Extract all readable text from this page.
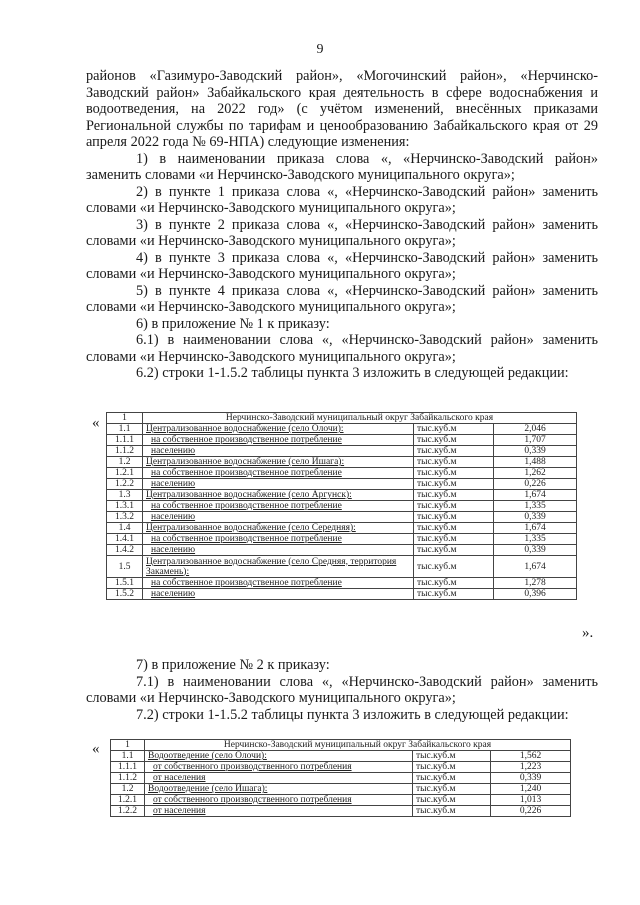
9

районов «Газимуро-Заводский район», «Могочинский район», «Нерчинско-Заводский район» Забайкальского края деятельность в сфере водоснабжения и водоотведения, на 2022 год» (с учётом изменений, внесённых приказами Региональной службы по тарифам и ценообразованию Забайкальского края от 29 апреля 2022 года № 69-НПА) следующие изменения:

1) в наименовании приказа слова «, «Нерчинско-Заводский район» заменить словами «и Нерчинско-Заводского муниципального округа»;

2) в пункте 1 приказа слова «, «Нерчинско-Заводский район» заменить словами «и Нерчинско-Заводского муниципального округа»;

3) в пункте 2 приказа слова «, «Нерчинско-Заводский район» заменить словами «и Нерчинско-Заводского муниципального округа»;

4) в пункте 3 приказа слова «, «Нерчинско-Заводский район» заменить словами «и Нерчинско-Заводского муниципального округа»;

5) в пункте 4 приказа слова «, «Нерчинско-Заводский район» заменить словами «и Нерчинско-Заводского муниципального округа»;

6) в приложение № 1 к приказу:

6.1) в наименовании слова «, «Нерчинско-Заводский район» заменить словами «и Нерчинско-Заводского муниципального округа»;

6.2) строки 1-1.5.2 таблицы пункта 3 изложить в следующей редакции:

« 1	Нерчинско-Заводский муниципальный округ Забайкальского края		
1.1	Централизованное водоснабжение (село Олочи):	тыс.куб.м	2,046
1.1.1	на собственное производственное потребление	тыс.куб.м	1,707
1.1.2	населению	тыс.куб.м	0,339
1.2	Централизованное водоснабжение (село Ишага):	тыс.куб.м	1,488
1.2.1	на собственное производственное потребление	тыс.куб.м	1,262
1.2.2	населению	тыс.куб.м	0,226
1.3	Централизованное водоснабжение (село Аргунск):	тыс.куб.м	1,674
1.3.1	на собственное производственное потребление	тыс.куб.м	1,335
1.3.2	населению	тыс.куб.м	0,339
1.4	Централизованное водоснабжение (село Середняя):	тыс.куб.м	1,674
1.4.1	на собственное производственное потребление	тыс.куб.м	1,335
1.4.2	населению	тыс.куб.м	0,339
1.5	Централизованное водоснабжение (село Средняя, территория Закамень):	тыс.куб.м	1,674
1.5.1	на собственное производственное потребление	тыс.куб.м	1,278
1.5.2	населению	тыс.куб.м	0,396
».

7) в приложение № 2 к приказу:

7.1) в наименовании слова «, «Нерчинско-Заводский район» заменить словами «и Нерчинско-Заводского муниципального округа»;

7.2) строки 1-1.5.2 таблицы пункта 3 изложить в следующей редакции:

«	1	Нерчинско-Заводский муниципальный округ Забайкальского края		
1.1	Водоотведение (село Олочи):	тыс.куб.м	1,562
1.1.1	от собственного производственного потребления	тыс.куб.м	1,223
1.1.2	от населения	тыс.куб.м	0,339
1.2	Водоотведение (село Ишага):	тыс.куб.м	1,240
1.2.1	от собственного производственного потребления	тыс.куб.м	1,013
1.2.2	от населения	тыс.куб.м	0,226
